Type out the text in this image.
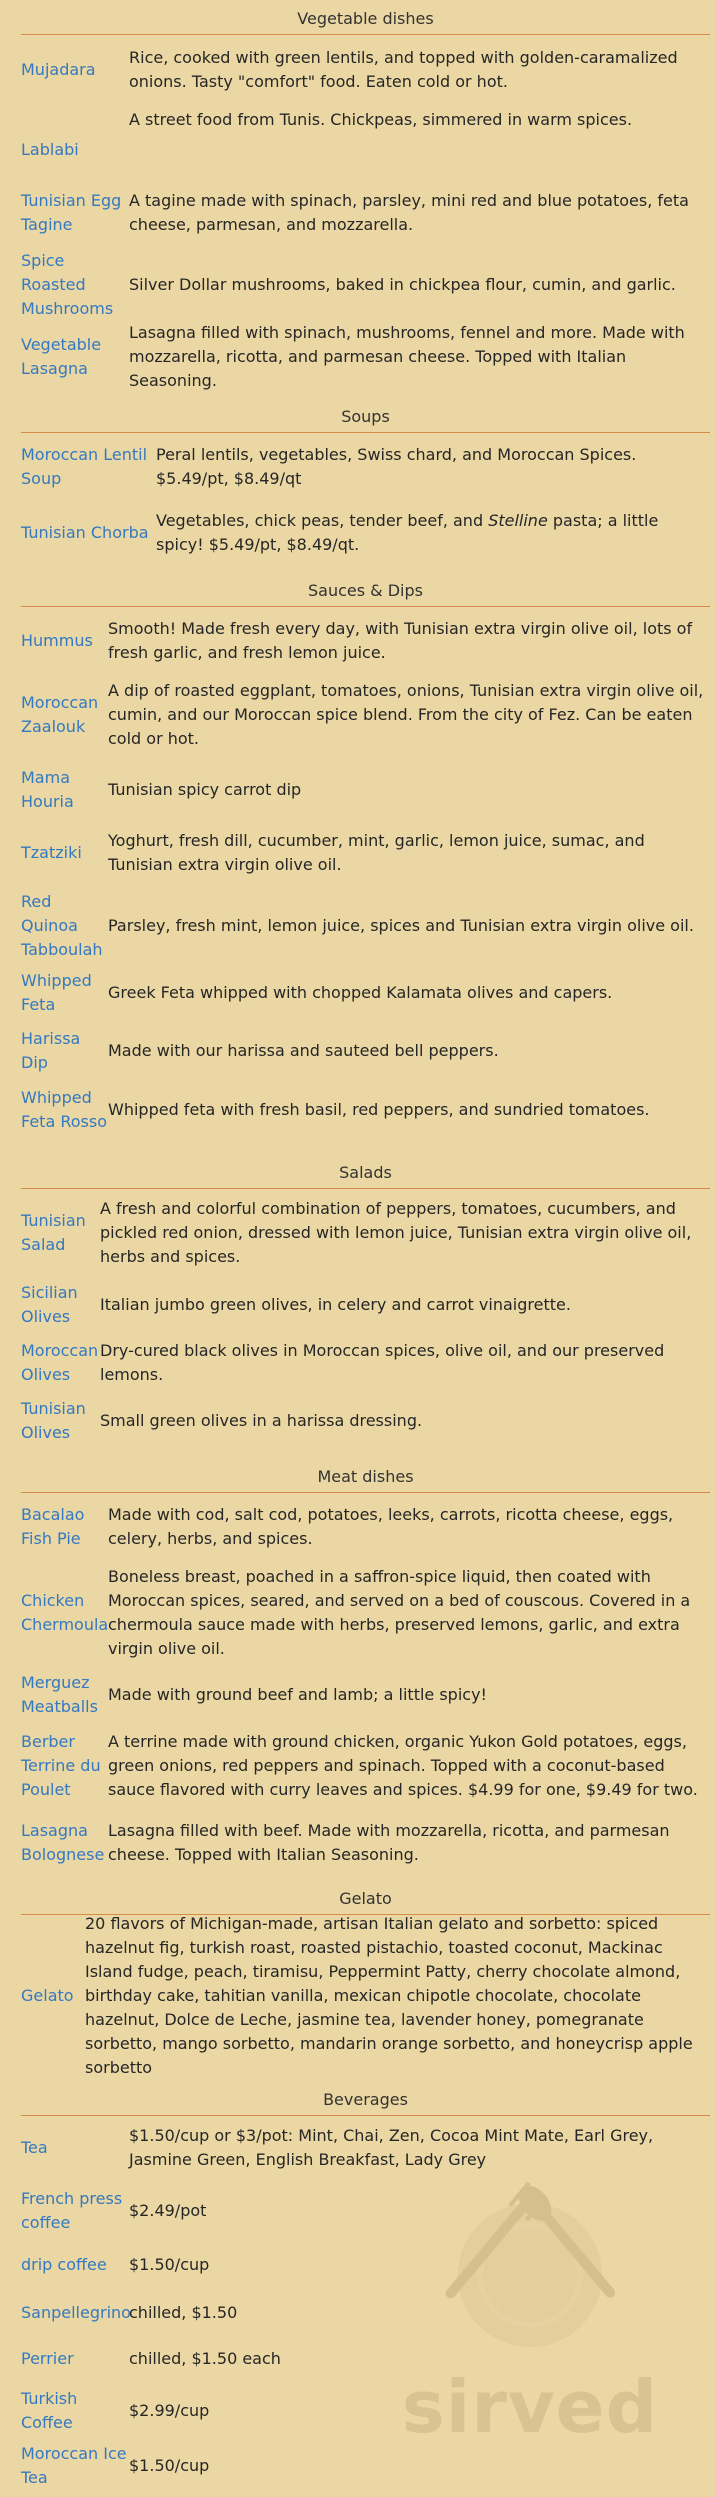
Vegetable dishes
Mujadara
Rice, cooked with green lentils, and topped with golden-caramalized onions. Tasty "comfort" food. Eaten cold or hot.
Lablabi
A street food from Tunis. Chickpeas, simmered in warm spices.
Tunisian Egg Tagine
A tagine made with spinach, parsley, mini red and blue potatoes, feta cheese, parmesan, and mozzarella.
Spice Roasted Mushrooms
Silver Dollar mushrooms, baked in chickpea flour, cumin, and garlic.
Vegetable Lasagna
Lasagna filled with spinach, mushrooms, fennel and more. Made with mozzarella, ricotta, and parmesan cheese. Topped with Italian Seasoning.
Soups
Moroccan Lentil Soup
Peral lentils, vegetables, Swiss chard, and Moroccan Spices. $5.49/pt, $8.49/qt
Tunisian Chorba
Vegetables, chick peas, tender beef, and Stelline pasta; a little spicy! $5.49/pt, $8.49/qt.
Sauces & Dips
Hummus
Smooth! Made fresh every day, with Tunisian extra virgin olive oil, lots of fresh garlic, and fresh lemon juice.
Moroccan Zaalouk
A dip of roasted eggplant, tomatoes, onions, Tunisian extra virgin olive oil, cumin, and our Moroccan spice blend. From the city of Fez. Can be eaten cold or hot.
Mama Houria
Tunisian spicy carrot dip
Tzatziki
Yoghurt, fresh dill, cucumber, mint, garlic, lemon juice, sumac, and Tunisian extra virgin olive oil.
Red Quinoa Tabboulah
Parsley, fresh mint, lemon juice, spices and Tunisian extra virgin olive oil.
Whipped Feta
Greek Feta whipped with chopped Kalamata olives and capers.
Harissa Dip
Made with our harissa and sauteed bell peppers.
Whipped Feta Rosso
Whipped feta with fresh basil, red peppers, and sundried tomatoes.
Salads
Tunisian Salad
A fresh and colorful combination of peppers, tomatoes, cucumbers, and pickled red onion, dressed with lemon juice, Tunisian extra virgin olive oil, herbs and spices.
Sicilian Olives
Italian jumbo green olives, in celery and carrot vinaigrette.
Moroccan Olives
Dry-cured black olives in Moroccan spices, olive oil, and our preserved lemons.
Tunisian Olives
Small green olives in a harissa dressing.
Meat dishes
Bacalao Fish Pie
Made with cod, salt cod, potatoes, leeks, carrots, ricotta cheese, eggs, celery, herbs, and spices.
Chicken Chermoula
Boneless breast, poached in a saffron-spice liquid, then coated with Moroccan spices, seared, and served on a bed of couscous. Covered in a chermoula sauce made with herbs, preserved lemons, garlic, and extra virgin olive oil.
Merguez Meatballs
Made with ground beef and lamb; a little spicy!
Berber Terrine du Poulet
A terrine made with ground chicken, organic Yukon Gold potatoes, eggs, green onions, red peppers and spinach. Topped with a coconut-based sauce flavored with curry leaves and spices. $4.99 for one, $9.49 for two.
Lasagna Bolognese
Lasagna filled with beef. Made with mozzarella, ricotta, and parmesan cheese. Topped with Italian Seasoning.
Gelato
Gelato
20 flavors of Michigan-made, artisan Italian gelato and sorbetto: spiced hazelnut fig, turkish roast, roasted pistachio, toasted coconut, Mackinac Island fudge, peach, tiramisu, Peppermint Patty, cherry chocolate almond, birthday cake, tahitian vanilla, mexican chipotle chocolate, chocolate hazelnut, Dolce de Leche, jasmine tea, lavender honey, pomegranate sorbetto, mango sorbetto, mandarin orange sorbetto, and honeycrisp apple sorbetto
Beverages
Tea
$1.50/cup or $3/pot: Mint, Chai, Zen, Cocoa Mint Mate, Earl Grey, Jasmine Green, English Breakfast, Lady Grey
French press coffee
$2.49/pot
drip coffee	$1.50/cup
Sanpellegrino
chilled, $1.50
Perrier	chilled, $1.50 each
Turkish Coffee
$2.99/cup
Moroccan Ice Tea
$1.50/cup
sirved
